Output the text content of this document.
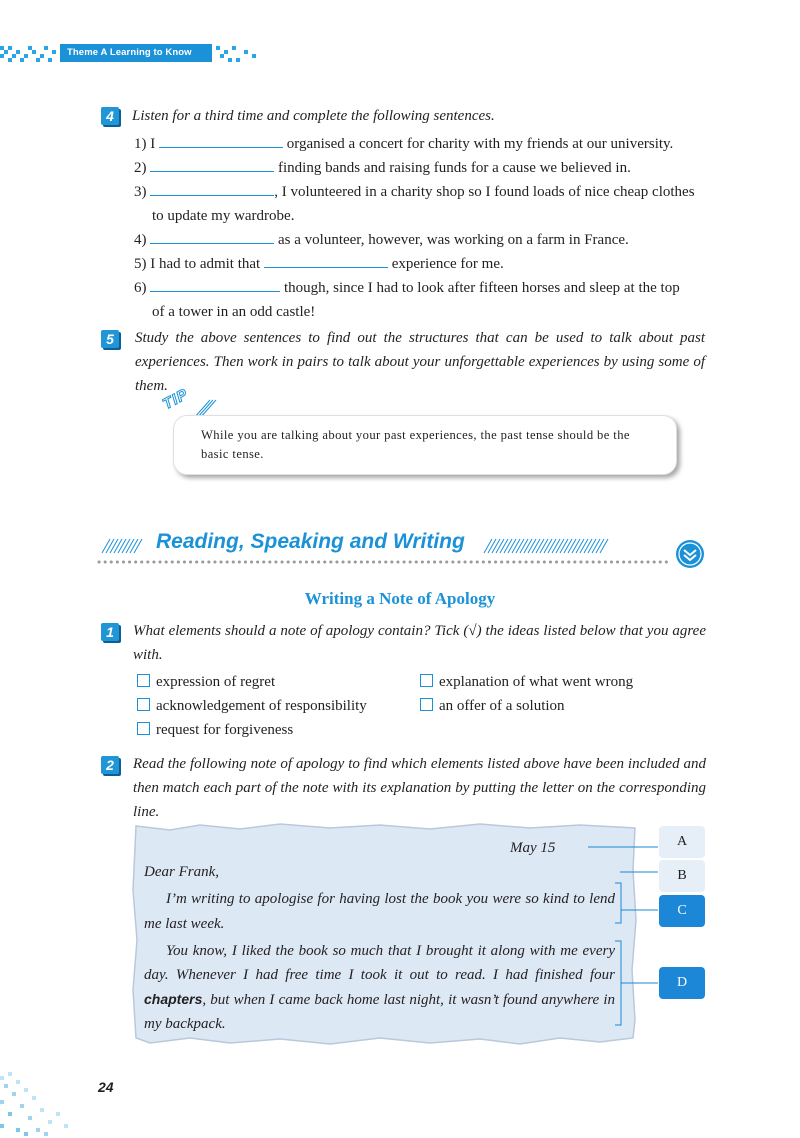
Theme A Learning to Know
4	Listen for a third time and complete the following sentences.
1) I	organised a concert for charity with my friends at our university.
2)	finding bands and raising funds for a cause we believed in.
3)	, I volunteered in a charity shop so I found loads of nice cheap clothes
to update my wardrobe.
4)	as a volunteer, however, was working on a farm in France.
5) I had to admit that	experience for me.
6)	though, since I had to look after fifteen horses and sleep at the top
of a tower in an odd castle!
5	Study the above sentences to find out the structures that can be used to talk about past experiences. Then work in pairs to talk about your unforgettable experiences by using some of them.
TIP
While you are talking about your past experiences, the past tense should be the basic tense.
Reading, Speaking and Writing
Writing a Note of Apology
1	What elements should a note of apology contain? Tick (√) the ideas listed below that you agree with.
expression of regret	explanation of what went wrong
acknowledgement of responsibility	an offer of a solution
request for forgiveness
2	Read the following note of apology to find which elements listed above have been included and then match each part of the note with its explanation by putting the letter on the corresponding line.
May 15
Dear Frank,
I’m writing to apologise for having lost the book you were so kind to lend me last week.
You know, I liked the book so much that I brought it along with me every day. Whenever I had free time I took it out to read. I had finished four chapters, but when I came back home last night, it wasn’t found anywhere in my backpack.
A
B
C
D
24
